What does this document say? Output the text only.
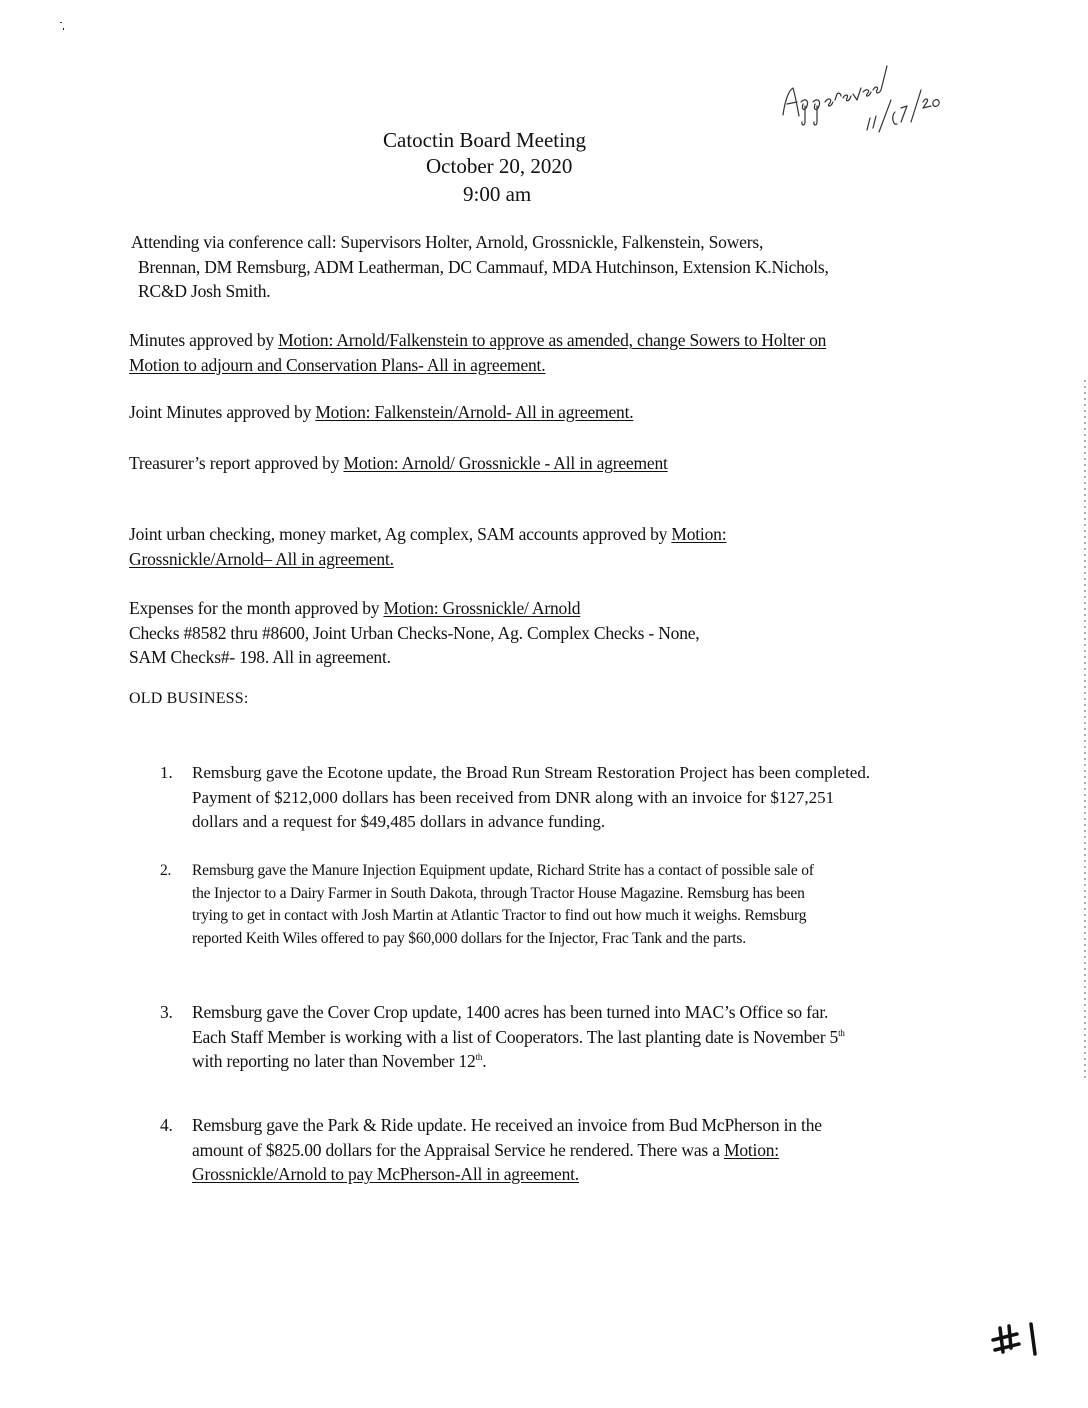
Catoctin Board Meeting
October 20, 2020
9:00 am
Attending via conference call: Supervisors Holter, Arnold, Grossnickle, Falkenstein, Sowers,
Brennan, DM Remsburg, ADM Leatherman, DC Cammauf, MDA Hutchinson, Extension K.Nichols,
RC&D Josh Smith.
Minutes approved by Motion: Arnold/Falkenstein to approve as amended, change Sowers to Holter on
Motion to adjourn and Conservation Plans- All in agreement.
Joint Minutes approved by Motion: Falkenstein/Arnold- All in agreement.
Treasurer’s report approved by Motion: Arnold/ Grossnickle - All in agreement
Joint urban checking, money market, Ag complex, SAM accounts approved by Motion:
Grossnickle/Arnold– All in agreement.
Expenses for the month approved by Motion: Grossnickle/ Arnold
Checks #8582 thru #8600, Joint Urban Checks-None, Ag. Complex Checks - None,
SAM Checks#- 198. All in agreement.
OLD BUSINESS:
1. Remsburg gave the Ecotone update, the Broad Run Stream Restoration Project has been completed.
Payment of $212,000 dollars has been received from DNR along with an invoice for $127,251
dollars and a request for $49,485 dollars in advance funding.
2. Remsburg gave the Manure Injection Equipment update, Richard Strite has a contact of possible sale of
the Injector to a Dairy Farmer in South Dakota, through Tractor House Magazine. Remsburg has been
trying to get in contact with Josh Martin at Atlantic Tractor to find out how much it weighs. Remsburg
reported Keith Wiles offered to pay $60,000 dollars for the Injector, Frac Tank and the parts.
3. Remsburg gave the Cover Crop update, 1400 acres has been turned into MAC’s Office so far.
Each Staff Member is working with a list of Cooperators. The last planting date is November 5th
with reporting no later than November 12th.
4. Remsburg gave the Park & Ride update. He received an invoice from Bud McPherson in the
amount of $825.00 dollars for the Appraisal Service he rendered. There was a Motion:
Grossnickle/Arnold to pay McPherson-All in agreement.
